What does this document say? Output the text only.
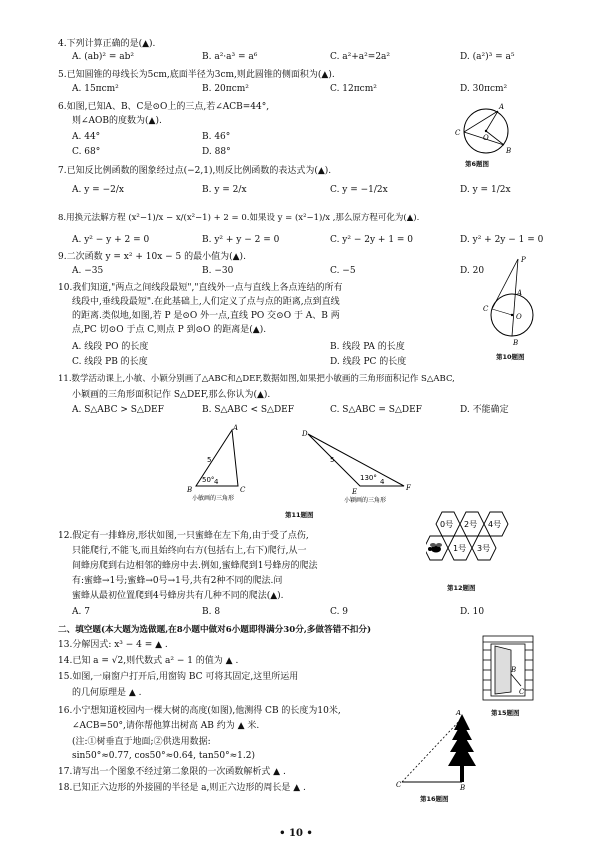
4.下列计算正确的是(▲).
A. (ab)² = ab²	B. a²·a³ = a⁶	C. a²+a²=2a²	D. (a²)³ = a⁵
5.已知圆锥的母线长为5cm,底面半径为3cm,则此圆锥的侧面积为(▲).
A. 15πcm²	B. 20πcm²	C. 12πcm²	D. 30πcm²
6.如图,已知A、B、C是⊙O上的三点,若∠ACB=44°,
则∠AOB的度数为(▲).
A. 44°	B. 46°
C. 68°	D. 88°
A
B
C
O
第6题图
7.已知反比例函数的图象经过点(−2,1),则反比例函数的表达式为(▲).
A. y = −2/x	B. y = 2/x	C. y = −1/2x	D. y = 1/2x
8.用换元法解方程 (x²−1)/x − x/(x²−1) + 2 = 0.如果设 y = (x²−1)/x ,那么原方程可化为(▲).
A. y² − y + 2 = 0	B. y² + y − 2 = 0	C. y² − 2y + 1 = 0	D. y² + 2y − 1 = 0
9.二次函数 y = x² + 10x − 5 的最小值为(▲).
A. −35	B. −30	C. −5	D. 20
10.我们知道,"两点之间线段最短","直线外一点与直线上各点连结的所有
线段中,垂线段最短".在此基础上,人们定义了点与点的距离,点到直线
的距离.类似地,如图,若 P 是⊙O 外一点,直线 PO 交⊙O 于 A、B 两
点,PC 切⊙O 于点 C,则点 P 到⊙O 的距离是(▲).
A. 线段 PO 的长度	B. 线段 PA 的长度
C. 线段 PB 的长度	D. 线段 PC 的长度
P
A
C
O
B
第10题图
11.数学活动课上,小敏、小颖分别画了△ABC和△DEF,数据如图,如果把小敏画的三角形面积记作 S△ABC,
小颖画的三角形面积记作 S△DEF,那么你认为(▲).
A. S△ABC > S△DEF	B. S△ABC < S△DEF	C. S△ABC = S△DEF	D. 不能确定
A
B	C
5
4
50°
小敏画的三角形
D
E	F
5
4
130°
小颖画的三角形
第11题图
12.假定有一排蜂房,形状如图,一只蜜蜂在左下角,由于受了点伤,
只能爬行,不能飞,而且始终向右方(包括右上,右下)爬行,从一
间蜂房爬到右边相邻的蜂房中去.例如,蜜蜂爬到1号蜂房的爬法
有:蜜蜂→1号;蜜蜂→0号→1号,共有2种不同的爬法.问
蜜蜂从最初位置爬到4号蜂房共有几种不同的爬法(▲).
A. 7	B. 8	C. 9	D. 10
0号 2号 4号
1号 3号
第12题图
二、填空题(本大题为选做题,在8小题中做对6小题即得满分30分,多做答错不扣分)
13.分解因式: x³ − 4 = ▲ .
14.已知 a = √2,则代数式 a² − 1 的值为 ▲ .
15.如图,一扇窗户打开后,用窗钩 BC 可将其固定,这里所运用
的几何原理是 ▲ .
B
C
第15题图
16.小宁想知道校园内一棵大树的高度(如图),他测得 CB 的长度为10米,
∠ACB=50°,请你帮他算出树高 AB 约为 ▲ 米.
(注:①树垂直于地面;②供选用数据:
sin50°≈0.77, cos50°≈0.64, tan50°≈1.2)
A
C	B
第16题图
17.请写出一个图象不经过第二象限的一次函数解析式 ▲ .
18.已知正六边形的外接圆的半径是 a,则正六边形的周长是 ▲ .
• 10 •
